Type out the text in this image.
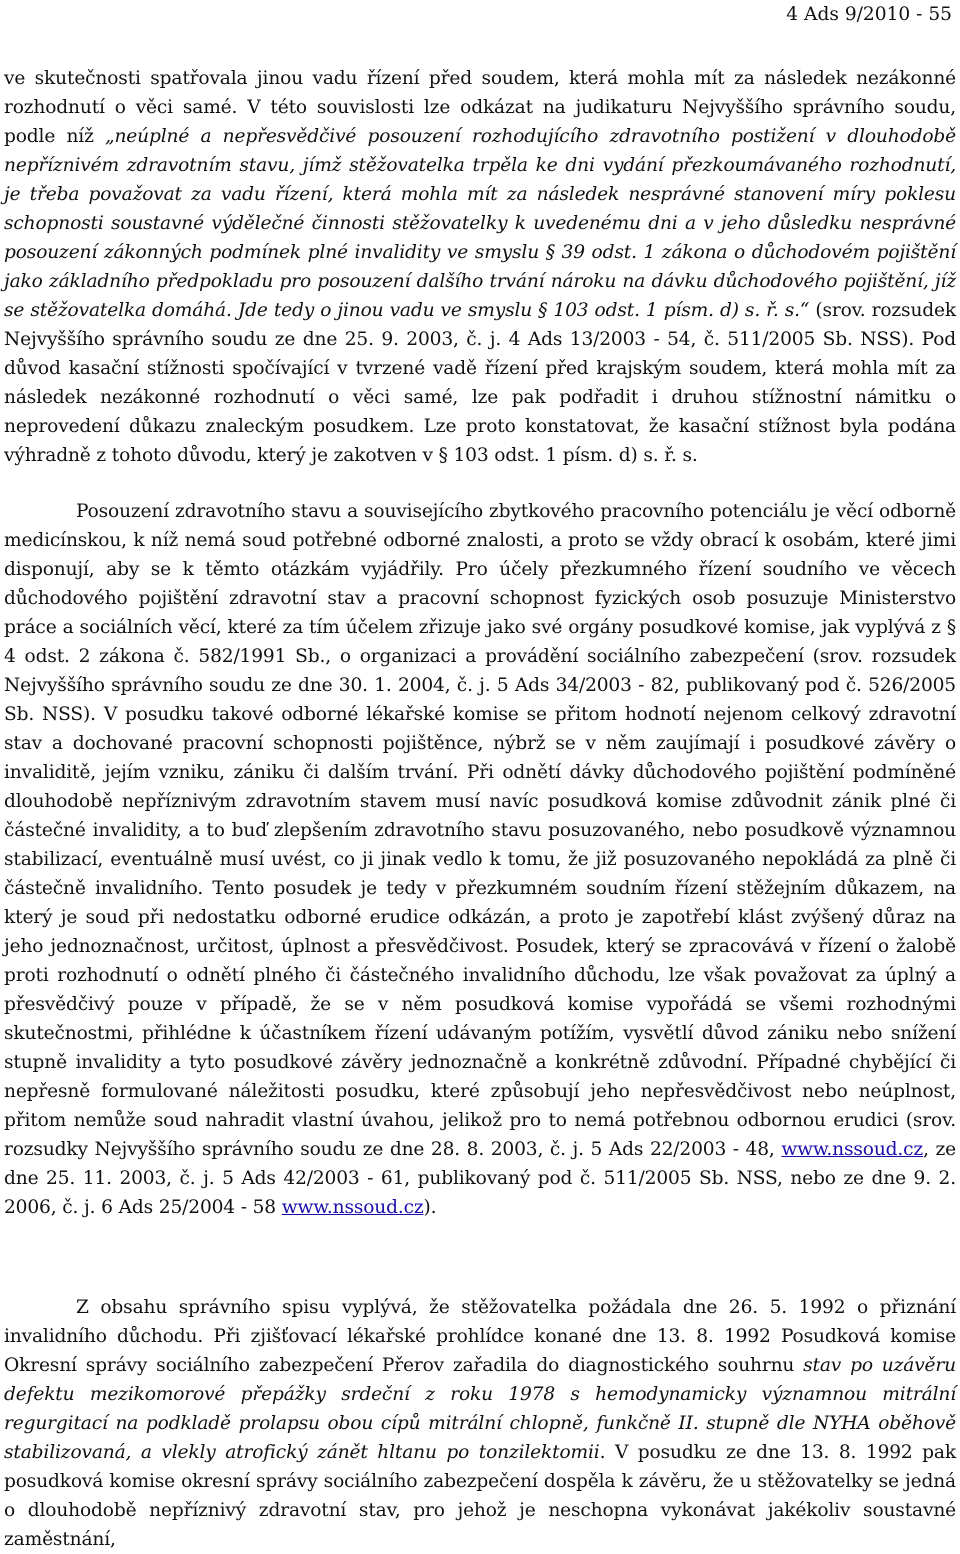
4 Ads 9/2010 - 55

ve skutečnosti spatřovala jinou vadu řízení před soudem, která mohla mít za následek nezákonné rozhodnutí o věci samé. V této souvislosti lze odkázat na judikaturu Nejvyššího správního soudu, podle níž „neúplné a nepřesvědčivé posouzení rozhodujícího zdravotního postižení v dlouhodobě nepříznivém zdravotním stavu, jímž stěžovatelka trpěla ke dni vydání přezkoumávaného rozhodnutí, je třeba považovat za vadu řízení, která mohla mít za následek nesprávné stanovení míry poklesu schopnosti soustavné výdělečné činnosti stěžovatelky k uvedenému dni a v jeho důsledku nesprávné posouzení zákonných podmínek plné invalidity ve smyslu § 39 odst. 1 zákona o důchodovém pojištění jako základního předpokladu pro posouzení dalšího trvání nároku na dávku důchodového pojištění, jíž se stěžovatelka domáhá. Jde tedy o jinou vadu ve smyslu § 103 odst. 1 písm. d) s. ř. s.“ (srov. rozsudek Nejvyššího správního soudu ze dne 25. 9. 2003, č. j. 4 Ads 13/2003 - 54, č. 511/2005 Sb. NSS). Pod důvod kasační stížnosti spočívající v tvrzené vadě řízení před krajským soudem, která mohla mít za následek nezákonné rozhodnutí o věci samé, lze pak podřadit i druhou stížnostní námitku o neprovedení důkazu znaleckým posudkem. Lze proto konstatovat, že kasační stížnost byla podána výhradně z tohoto důvodu, který je zakotven v § 103 odst. 1 písm. d) s. ř. s.

Posouzení zdravotního stavu a souvisejícího zbytkového pracovního potenciálu je věcí odborně medicínskou, k níž nemá soud potřebné odborné znalosti, a proto se vždy obrací k osobám, které jimi disponují, aby se k těmto otázkám vyjádřily. Pro účely přezkumného řízení soudního ve věcech důchodového pojištění zdravotní stav a pracovní schopnost fyzických osob posuzuje Ministerstvo práce a sociálních věcí, které za tím účelem zřizuje jako své orgány posudkové komise, jak vyplývá z § 4 odst. 2 zákona č. 582/1991 Sb., o organizaci a provádění sociálního zabezpečení (srov. rozsudek Nejvyššího správního soudu ze dne 30. 1. 2004, č. j. 5 Ads 34/2003 - 82, publikovaný pod č. 526/2005 Sb. NSS). V posudku takové odborné lékařské komise se přitom hodnotí nejenom celkový zdravotní stav a dochované pracovní schopnosti pojištěnce, nýbrž se v něm zaujímají i posudkové závěry o invaliditě, jejím vzniku, zániku či dalším trvání. Při odnětí dávky důchodového pojištění podmíněné dlouhodobě nepříznivým zdravotním stavem musí navíc posudková komise zdůvodnit zánik plné či částečné invalidity, a to buď zlepšením zdravotního stavu posuzovaného, nebo posudkově významnou stabilizací, eventuálně musí uvést, co ji jinak vedlo k tomu, že již posuzovaného nepokládá za plně či částečně invalidního. Tento posudek je tedy v přezkumném soudním řízení stěžejním důkazem, na který je soud při nedostatku odborné erudice odkázán, a proto je zapotřebí klást zvýšený důraz na jeho jednoznačnost, určitost, úplnost a přesvědčivost. Posudek, který se zpracovává v řízení o žalobě proti rozhodnutí o odnětí plného či částečného invalidního důchodu, lze však považovat za úplný a přesvědčivý pouze v případě, že se v něm posudková komise vypořádá se všemi rozhodnými skutečnostmi, přihlédne k účastníkem řízení udávaným potížím, vysvětlí důvod zániku nebo snížení stupně invalidity a tyto posudkové závěry jednoznačně a konkrétně zdůvodní. Případné chybějící či nepřesně formulované náležitosti posudku, které způsobují jeho nepřesvědčivost nebo neúplnost, přitom nemůže soud nahradit vlastní úvahou, jelikož pro to nemá potřebnou odbornou erudici (srov. rozsudky Nejvyššího správního soudu ze dne 28. 8. 2003, č. j. 5 Ads 22/2003 - 48, www.nssoud.cz, ze dne 25. 11. 2003, č. j. 5 Ads 42/2003 - 61, publikovaný pod č. 511/2005 Sb. NSS, nebo ze dne 9. 2. 2006, č. j. 6 Ads 25/2004 - 58 www.nssoud.cz).

Z obsahu správního spisu vyplývá, že stěžovatelka požádala dne 26. 5. 1992 o přiznání invalidního důchodu. Při zjišťovací lékařské prohlídce konané dne 13. 8. 1992 Posudková komise Okresní správy sociálního zabezpečení Přerov zařadila do diagnostického souhrnu stav po uzávěru defektu mezikomorové přepážky srdeční z roku 1978 s hemodynamicky významnou mitrální regurgitací na podkladě prolapsu obou cípů mitrální chlopně, funkčně II. stupně dle NYHA oběhově stabilizovaná, a vlekly atrofický zánět hltanu po tonzilektomii. V posudku ze dne 13. 8. 1992 pak posudková komise okresní správy sociálního zabezpečení dospěla k závěru, že u stěžovatelky se jedná o dlouhodobě nepříznivý zdravotní stav, pro jehož je neschopna vykonávat jakékoliv soustavné zaměstnání,
